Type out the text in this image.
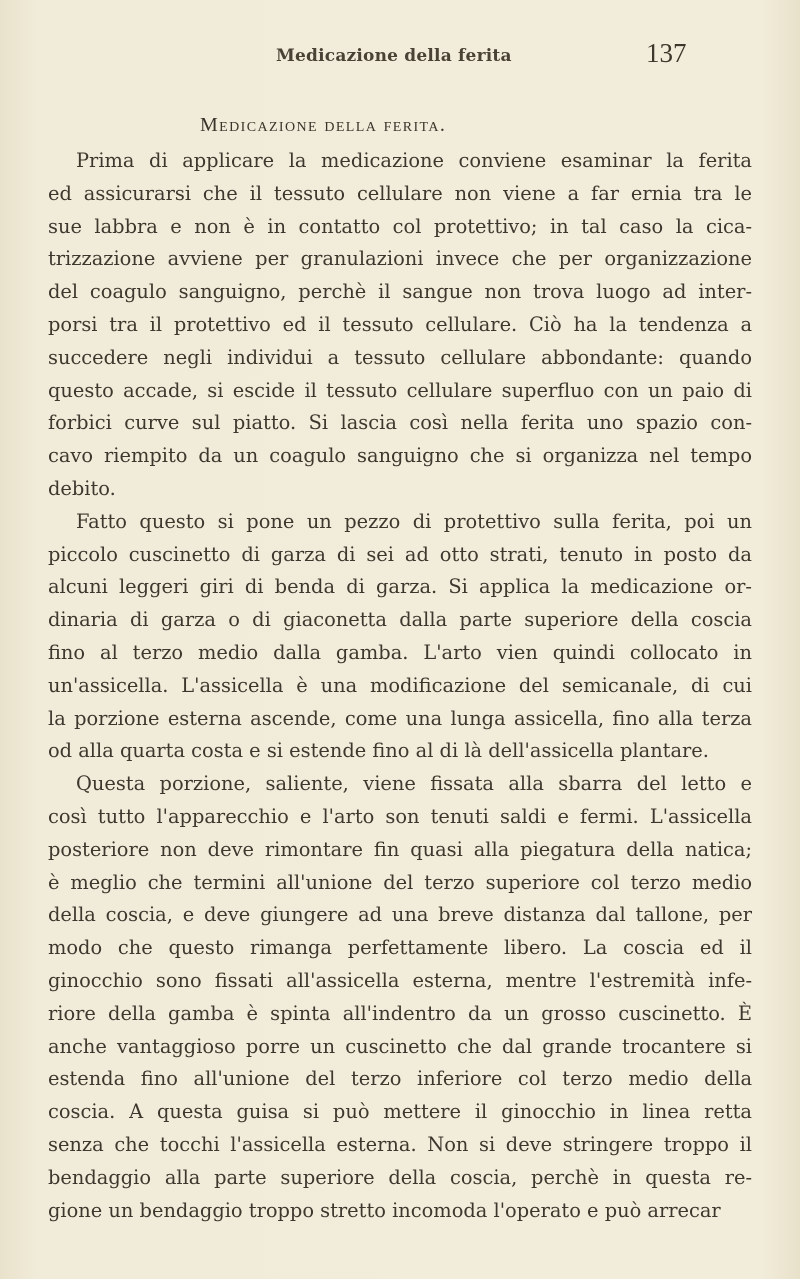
Medicazione della ferita	137
Medicazione della ferita.
Prima di applicare la medicazione conviene esaminar la ferita
ed assicurarsi che il tessuto cellulare non viene a far ernia tra le
sue labbra e non è in contatto col protettivo; in tal caso la cica-
trizzazione avviene per granulazioni invece che per organizzazione
del coagulo sanguigno, perchè il sangue non trova luogo ad inter-
porsi tra il protettivo ed il tessuto cellulare. Ciò ha la tendenza a
succedere negli individui a tessuto cellulare abbondante: quando
questo accade, si escide il tessuto cellulare superfluo con un paio di
forbici curve sul piatto. Si lascia così nella ferita uno spazio con-
cavo riempito da un coagulo sanguigno che si organizza nel tempo
debito.
Fatto questo si pone un pezzo di protettivo sulla ferita, poi un
piccolo cuscinetto di garza di sei ad otto strati, tenuto in posto da
alcuni leggeri giri di benda di garza. Si applica la medicazione or-
dinaria di garza o di giaconetta dalla parte superiore della coscia
fino al terzo medio dalla gamba. L'arto vien quindi collocato in
un'assicella. L'assicella è una modificazione del semicanale, di cui
la porzione esterna ascende, come una lunga assicella, fino alla terza
od alla quarta costa e si estende fino al di là dell'assicella plantare.
Questa porzione, saliente, viene fissata alla sbarra del letto e
così tutto l'apparecchio e l'arto son tenuti saldi e fermi. L'assicella
posteriore non deve rimontare fin quasi alla piegatura della natica;
è meglio che termini all'unione del terzo superiore col terzo medio
della coscia, e deve giungere ad una breve distanza dal tallone, per
modo che questo rimanga perfettamente libero. La coscia ed il
ginocchio sono fissati all'assicella esterna, mentre l'estremità infe-
riore della gamba è spinta all'indentro da un grosso cuscinetto. È
anche vantaggioso porre un cuscinetto che dal grande trocantere si
estenda fino all'unione del terzo inferiore col terzo medio della
coscia. A questa guisa si può mettere il ginocchio in linea retta
senza che tocchi l'assicella esterna. Non si deve stringere troppo il
bendaggio alla parte superiore della coscia, perchè in questa re-
gione un bendaggio troppo stretto incomoda l'operato e può arrecar
